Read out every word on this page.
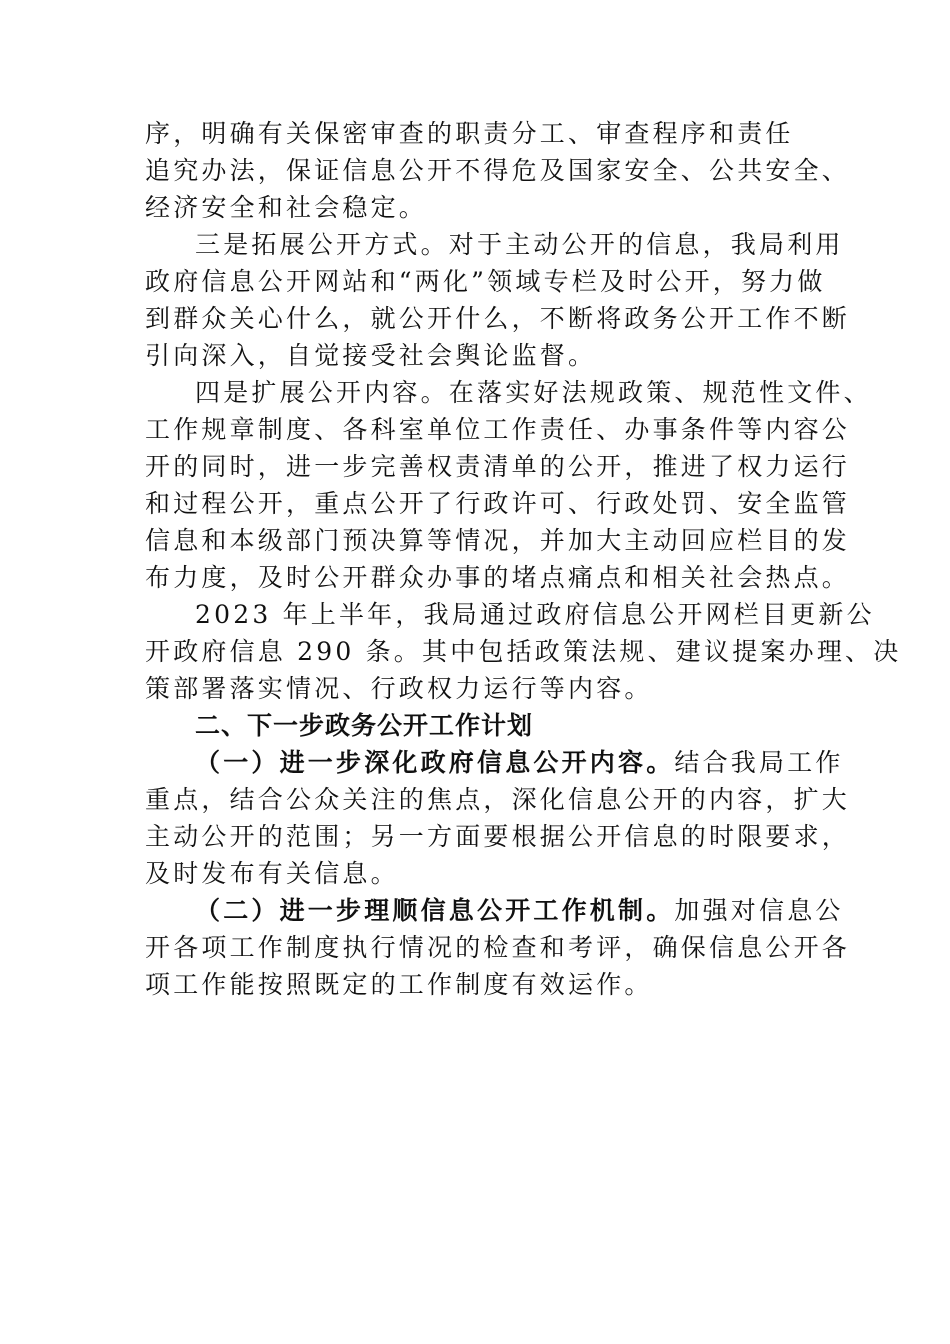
序，明确有关保密审查的职责分工、审查程序和责任
追究办法，保证信息公开不得危及国家安全、公共安全、
经济安全和社会稳定。
三是拓展公开方式。对于主动公开的信息，我局利用
政府信息公开网站和“两化”领域专栏及时公开，努力做
到群众关心什么，就公开什么，不断将政务公开工作不断
引向深入，自觉接受社会舆论监督。
四是扩展公开内容。在落实好法规政策、规范性文件、
工作规章制度、各科室单位工作责任、办事条件等内容公
开的同时，进一步完善权责清单的公开，推进了权力运行
和过程公开，重点公开了行政许可、行政处罚、安全监管
信息和本级部门预决算等情况，并加大主动回应栏目的发
布力度，及时公开群众办事的堵点痛点和相关社会热点。
2023 年上半年，我局通过政府信息公开网栏目更新公
开政府信息 290 条。其中包括政策法规、建议提案办理、决
策部署落实情况、行政权力运行等内容。
二、下一步政务公开工作计划
（一）进一步深化政府信息公开内容。结合我局工作
重点，结合公众关注的焦点，深化信息公开的内容，扩大
主动公开的范围；另一方面要根据公开信息的时限要求，
及时发布有关信息。
（二）进一步理顺信息公开工作机制。加强对信息公
开各项工作制度执行情况的检查和考评，确保信息公开各
项工作能按照既定的工作制度有效运作。
